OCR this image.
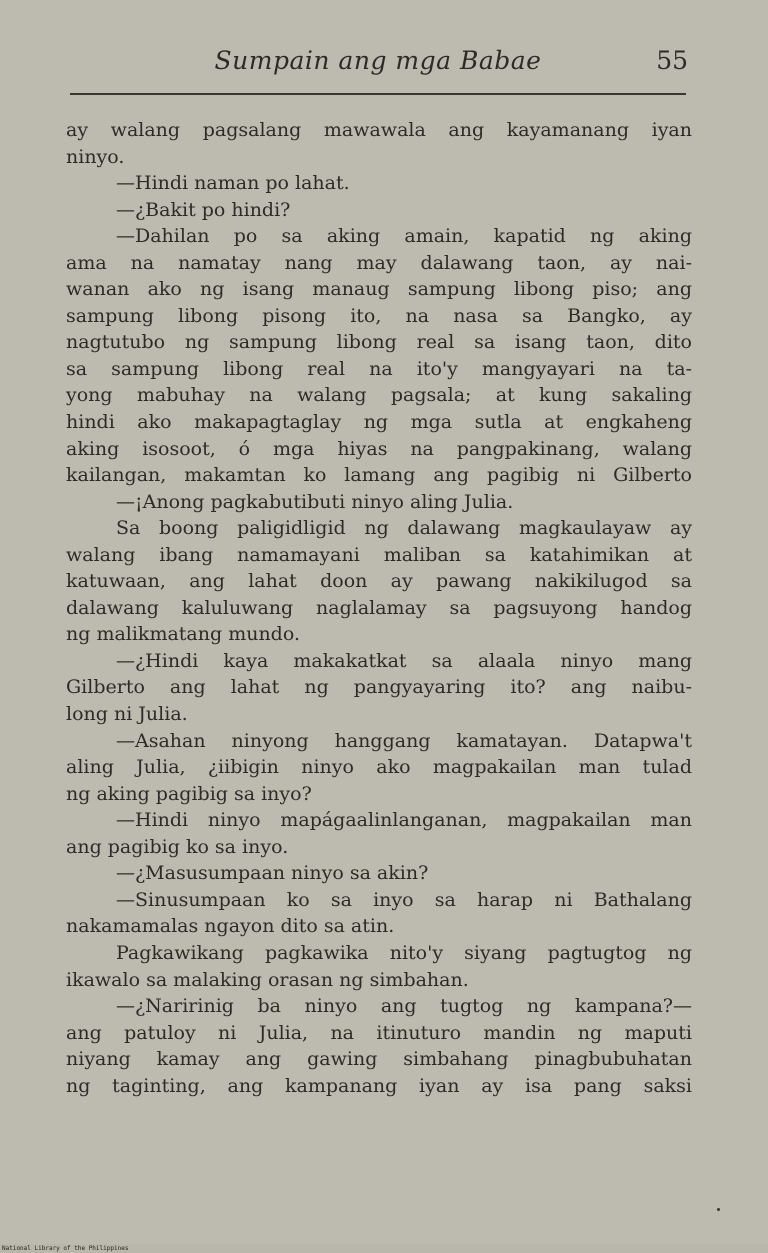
Sumpain ang mga Babae	55
ay walang pagsalang mawawala ang kayamanang iyan
ninyo.
—Hindi naman po lahat.
—¿Bakit po hindi?
—Dahilan po sa aking amain, kapatid ng aking
ama na namatay nang may dalawang taon, ay nai-
wanan ako ng isang manaug sampung libong piso; ang
sampung libong pisong ito, na nasa sa Bangko, ay
nagtutubo ng sampung libong real sa isang taon, dito
sa sampung libong real na ito'y mangyayari na ta-
yong mabuhay na walang pagsala; at kung sakaling
hindi ako makapagtaglay ng mga sutla at engkaheng
aking isosoot, ó mga hiyas na pangpakinang, walang
kailangan, makamtan ko lamang ang pagibig ni Gilberto
—¡Anong pagkabutibuti ninyo aling Julia.
Sa boong paligidligid ng dalawang magkaulayaw ay
walang ibang namamayani maliban sa katahimikan at
katuwaan, ang lahat doon ay pawang nakikilugod sa
dalawang kaluluwang naglalamay sa pagsuyong handog
ng malikmatang mundo.
—¿Hindi kaya makakatkat sa alaala ninyo mang
Gilberto ang lahat ng pangyayaring ito? ang naibu-
long ni Julia.
—Asahan ninyong hanggang kamatayan. Datapwa't
aling Julia, ¿iibigin ninyo ako magpakailan man tulad
ng aking pagibig sa inyo?
—Hindi ninyo mapágaalinlanganan, magpakailan man
ang pagibig ko sa inyo.
—¿Masusumpaan ninyo sa akin?
—Sinusumpaan ko sa inyo sa harap ni Bathalang
nakamamalas ngayon dito sa atin.
Pagkawikang pagkawika nito'y siyang pagtugtog ng
ikawalo sa malaking orasan ng simbahan.
—¿Naririnig ba ninyo ang tugtog ng kampana?—
ang patuloy ni Julia, na itinuturo mandin ng maputi
niyang kamay ang gawing simbahang pinagbubuhatan
ng taginting, ang kampanang iyan ay isa pang saksi
National Library of the Philippines
